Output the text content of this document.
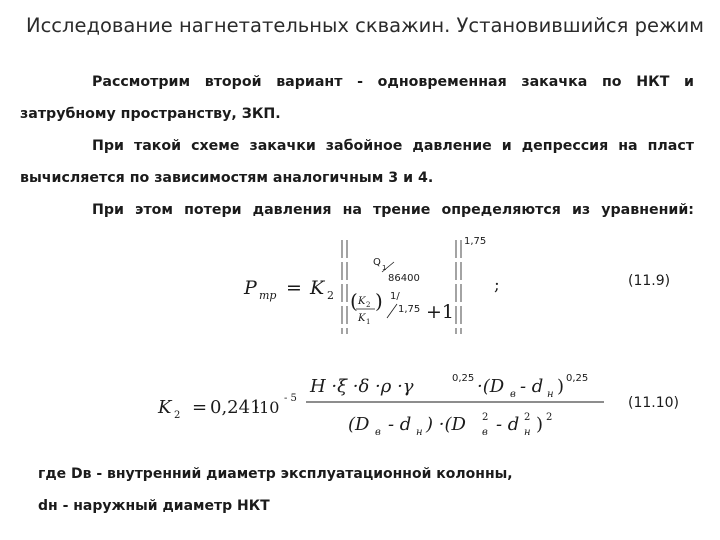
Исследование нагнетательных скважин. Установившийся режим

Рассмотрим второй вариант - одновременная закачка по НКТ и затрубному пространству, ЗКП.

При такой схеме закачки забойное давление и депрессия на пласт вычисляется по зависимостям аналогичным 3 и 4.

При этом потери давления на трение определяются из уравнений:

P тр = K 2
Q 1
86400
( K 2
K 1
) 1/
1,75 +1
1,75
;	(11.9)
K 2 = 0,241
·10 - 5
H ·ξ ·δ ·ρ ·γ	0,25 ·(D в - d н ) 0,25
(D в - d н ) ·(D 2
в - d 2
н ) 2
(11.10)
где Dв - внутренний диаметр эксплуатационной колонны,
dн - наружный диаметр НКТ
